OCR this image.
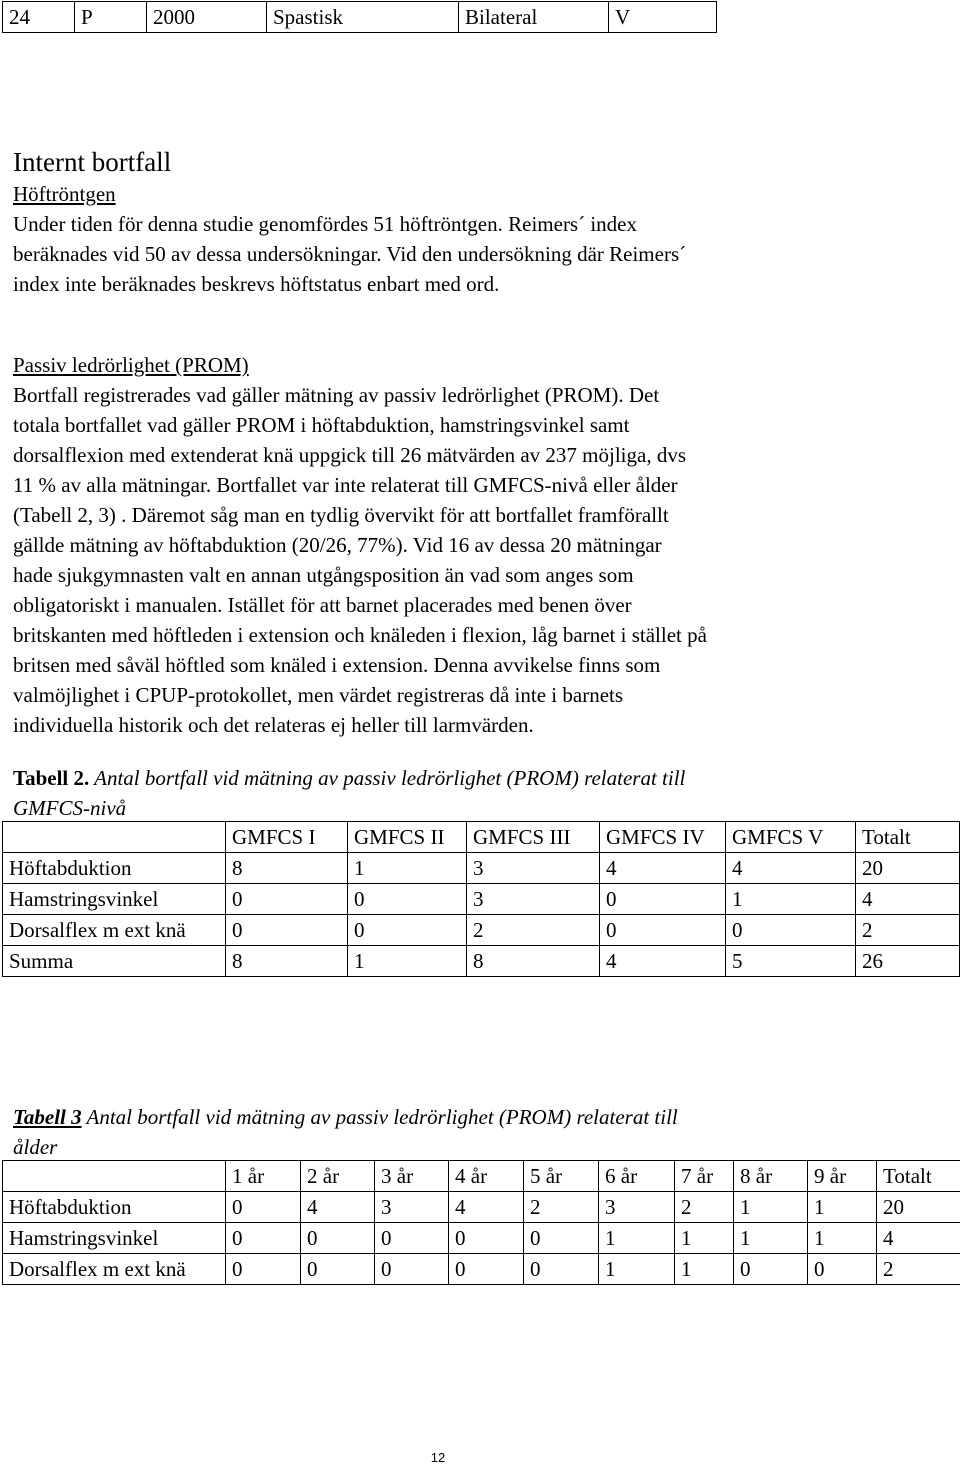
24	P	2000	Spastisk	Bilateral	V
Internt bortfall
Höftröntgen
Under tiden för denna studie genomfördes 51 höftröntgen. Reimers´ index
beräknades vid 50 av dessa undersökningar. Vid den undersökning där Reimers´
index inte beräknades beskrevs höftstatus enbart med ord.
Passiv ledrörlighet (PROM)
Bortfall registrerades vad gäller mätning av passiv ledrörlighet (PROM). Det
totala bortfallet vad gäller PROM i höftabduktion, hamstringsvinkel samt
dorsalflexion med extenderat knä uppgick till 26 mätvärden av 237 möjliga, dvs
11 % av alla mätningar. Bortfallet var inte relaterat till GMFCS-nivå eller ålder
(Tabell 2, 3) . Däremot såg man en tydlig övervikt för att bortfallet framförallt
gällde mätning av höftabduktion (20/26, 77%). Vid 16 av dessa 20 mätningar
hade sjukgymnasten valt en annan utgångsposition än vad som anges som
obligatoriskt i manualen. Istället för att barnet placerades med benen över
britskanten med höftleden i extension och knäleden i flexion, låg barnet i stället på
britsen med såväl höftled som knäled i extension. Denna avvikelse finns som
valmöjlighet i CPUP-protokollet, men värdet registreras då inte i barnets
individuella historik och det relateras ej heller till larmvärden.
Tabell 2. Antal bortfall vid mätning av passiv ledrörlighet (PROM) relaterat till
GMFCS-nivå
	GMFCS I	GMFCS II	GMFCS III	GMFCS IV	GMFCS V	Totalt
Höftabduktion	8	1	3	4	4	20
Hamstringsvinkel	0	0	3	0	1	4
Dorsalflex m ext knä	0	0	2	0	0	2
Summa	8	1	8	4	5	26
Tabell 3 Antal bortfall vid mätning av passiv ledrörlighet (PROM) relaterat till
ålder
	1 år	2 år	3 år	4 år	5 år	6 år	7 år	8 år	9 år	Totalt
Höftabduktion	0	4	3	4	2	3	2	1	1	20
Hamstringsvinkel	0	0	0	0	0	1	1	1	1	4
Dorsalflex m ext knä	0	0	0	0	0	1	1	0	0	2
12
